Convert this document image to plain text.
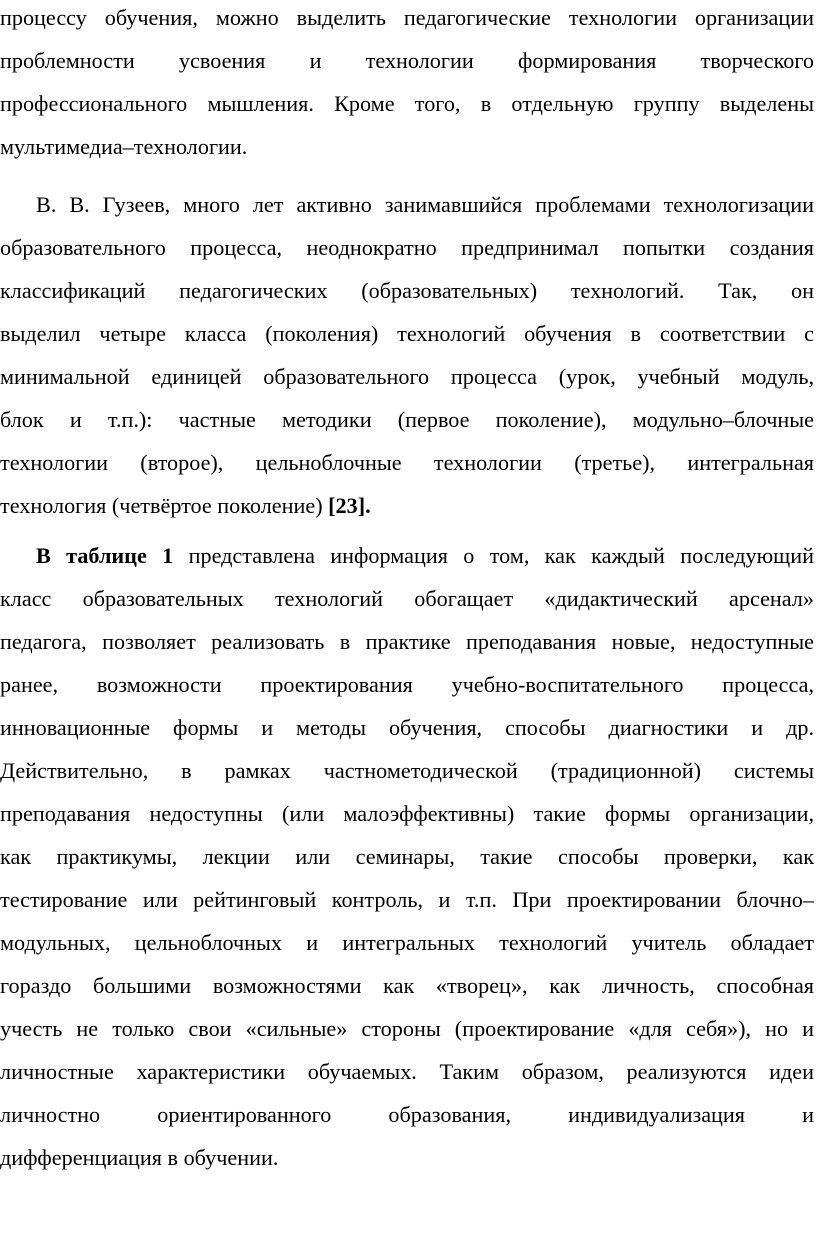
процессу обучения, можно выделить педагогические технологии организации
проблемности усвоения и технологии формирования творческого
профессионального мышления. Кроме того, в отдельную группу выделены
мультимедиа–технологии.
В. В. Гузеев, много лет активно занимавшийся проблемами технологизации
образовательного процесса, неоднократно предпринимал попытки создания
классификаций педагогических (образовательных) технологий. Так, он
выделил четыре класса (поколения) технологий обучения в соответствии с
минимальной единицей образовательного процесса (урок, учебный модуль,
блок и т.п.): частные методики (первое поколение), модульно–блочные
технологии (второе), цельноблочные технологии (третье), интегральная
технология (четвёртое поколение) [23].
В таблице 1 представлена информация о том, как каждый последующий
класс образовательных технологий обогащает «дидактический арсенал»
педагога, позволяет реализовать в практике преподавания новые, недоступные
ранее, возможности проектирования учебно-воспитательного процесса,
инновационные формы и методы обучения, способы диагностики и др.
Действительно, в рамках частнометодической (традиционной) системы
преподавания недоступны (или малоэффективны) такие формы организации,
как практикумы, лекции или семинары, такие способы проверки, как
тестирование или рейтинговый контроль, и т.п. При проектировании блочно–
модульных, цельноблочных и интегральных технологий учитель обладает
гораздо большими возможностями как «творец», как личность, способная
учесть не только свои «сильные» стороны (проектирование «для себя»), но и
личностные характеристики обучаемых. Таким образом, реализуются идеи
личностно ориентированного образования, индивидуализация и
дифференциация в обучении.
